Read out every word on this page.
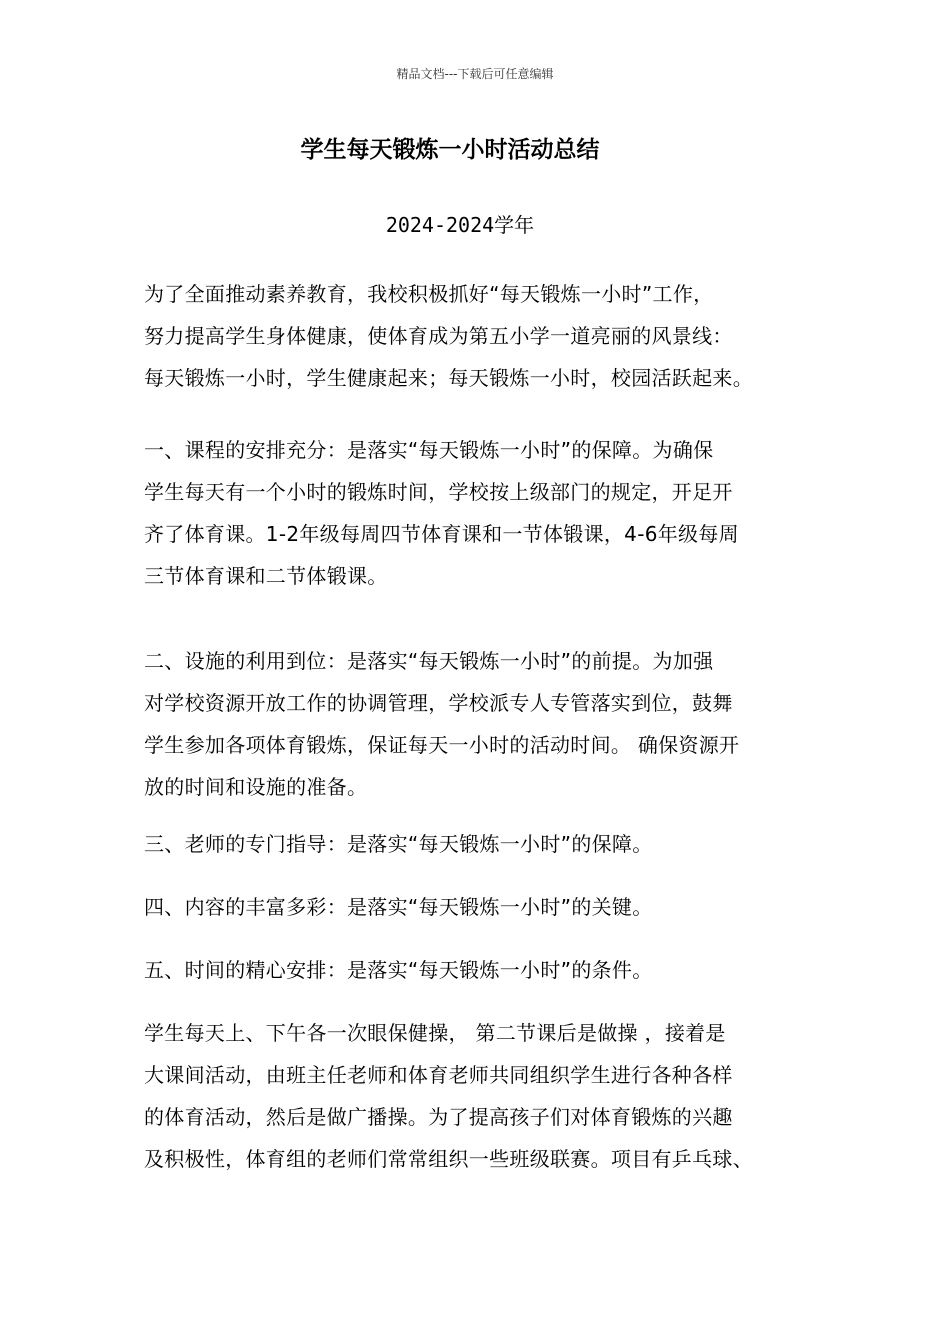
精品文档---下载后可任意编辑
学生每天锻炼一小时活动总结
2024-2024学年
为了全面推动素养教育，我校积极抓好“每天锻炼一小时”工作，
努力提高学生身体健康，使体育成为第五小学一道亮丽的风景线：
每天锻炼一小时，学生健康起来；每天锻炼一小时，校园活跃起来。
一、课程的安排充分：是落实“每天锻炼一小时”的保障。为确保
学生每天有一个小时的锻炼时间，学校按上级部门的规定，开足开
齐了体育课。1-2年级每周四节体育课和一节体锻课，4-6年级每周
三节体育课和二节体锻课。
二、设施的利用到位：是落实“每天锻炼一小时”的前提。为加强
对学校资源开放工作的协调管理，学校派专人专管落实到位，鼓舞
学生参加各项体育锻炼，保证每天一小时的活动时间。 确保资源开
放的时间和设施的准备。
三、老师的专门指导：是落实“每天锻炼一小时”的保障。
四、内容的丰富多彩：是落实“每天锻炼一小时”的关键。
五、时间的精心安排：是落实“每天锻炼一小时”的条件。
学生每天上、下午各一次眼保健操， 第二节课后是做操 ，接着是
大课间活动，由班主任老师和体育老师共同组织学生进行各种各样
的体育活动，然后是做广播操。为了提高孩子们对体育锻炼的兴趣
及积极性，体育组的老师们常常组织一些班级联赛。项目有乒乓球、
